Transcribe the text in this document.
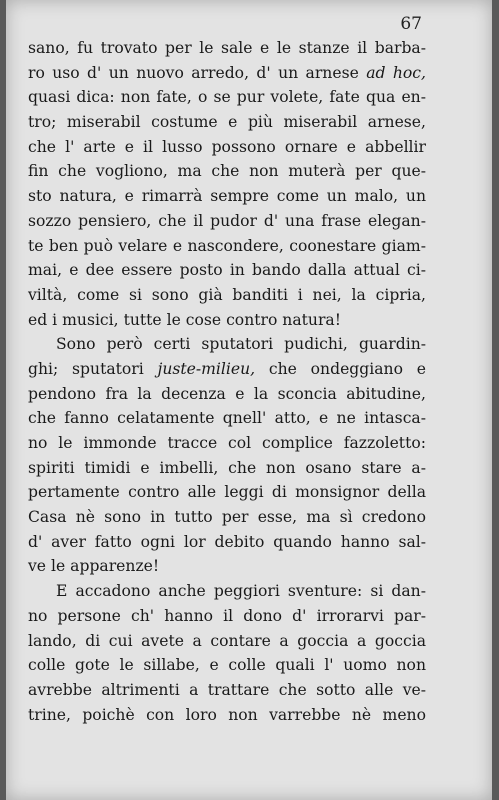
67
sano, fu trovato per le sale e le stanze il barba-
ro uso d' un nuovo arredo, d' un arnese ad hoc,
quasi dica: non fate, o se pur volete, fate qua en-
tro; miserabil costume e più miserabil arnese,
che l' arte e il lusso possono ornare e abbellir
fin che vogliono, ma che non muterà per que-
sto natura, e rimarrà sempre come un malo, un
sozzo pensiero, che il pudor d' una frase elegan-
te ben può velare e nascondere, coonestare giam-
mai, e dee essere posto in bando dalla attual ci-
viltà, come si sono già banditi i nei, la cipria,
ed i musici, tutte le cose contro natura!
Sono però certi sputatori pudichi, guardin-
ghi; sputatori juste-milieu, che ondeggiano e
pendono fra la decenza e la sconcia abitudine,
che fanno celatamente qnell' atto, e ne intasca-
no le immonde tracce col complice fazzoletto:
spiriti timidi e imbelli, che non osano stare a-
pertamente contro alle leggi di monsignor della
Casa nè sono in tutto per esse, ma sì credono
d' aver fatto ogni lor debito quando hanno sal-
ve le apparenze!
E accadono anche peggiori sventure: si dan-
no persone ch' hanno il dono d' irrorarvi par-
lando, di cui avete a contare a goccia a goccia
colle gote le sillabe, e colle quali l' uomo non
avrebbe altrimenti a trattare che sotto alle ve-
trine, poichè con loro non varrebbe nè meno
